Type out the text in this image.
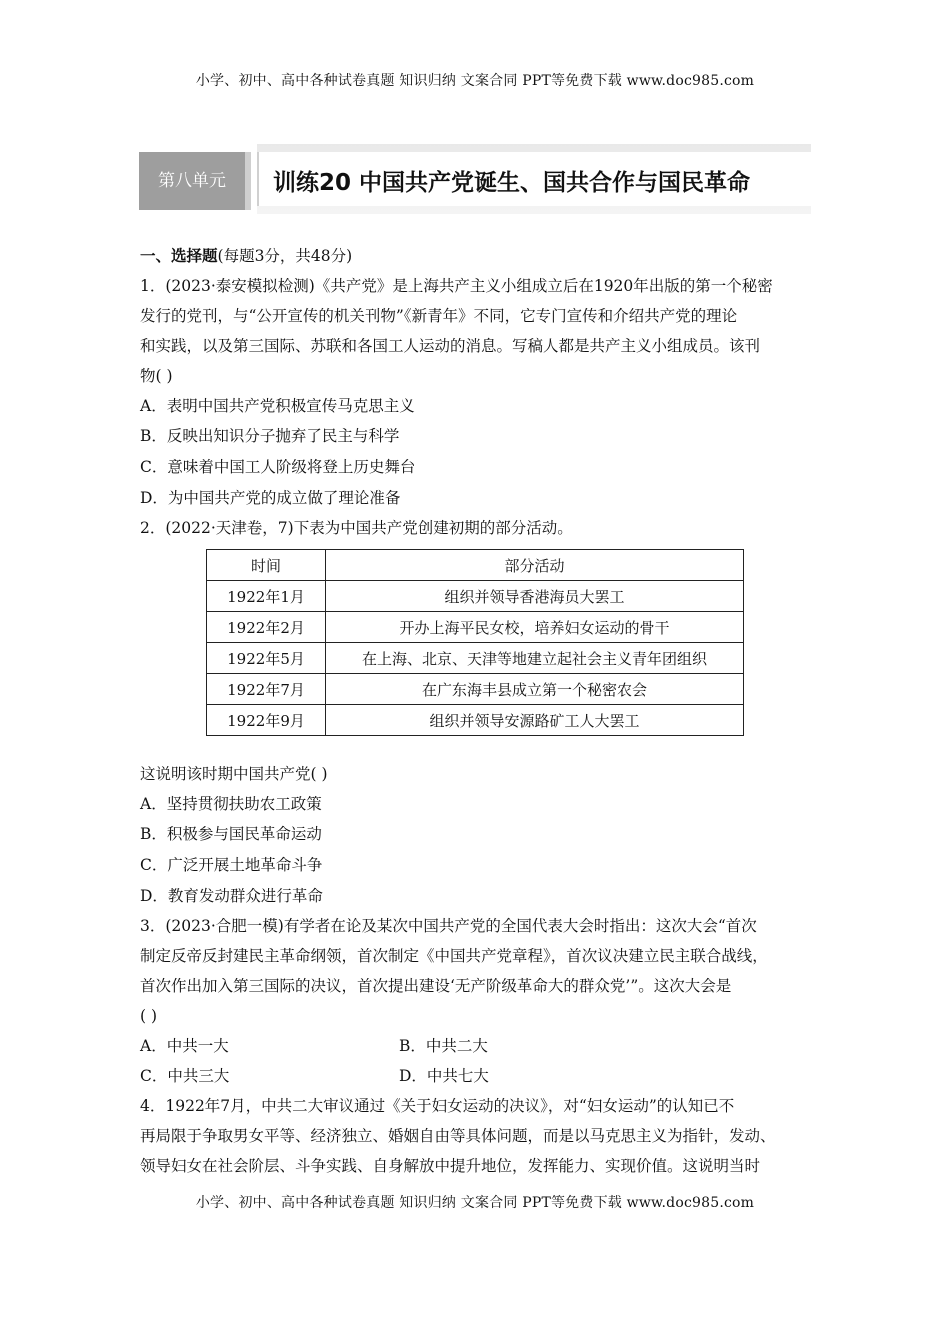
小学、初中、高中各种试卷真题 知识归纳 文案合同 PPT等免费下载 www.doc985.com
第八单元	训练20 中国共产党诞生、国共合作与国民革命
一、选择题(每题3分，共48分)
1．(2023·泰安模拟检测)《共产党》是上海共产主义小组成立后在1920年出版的第一个秘密
发行的党刊，与“公开宣传的机关刊物”《新青年》不同，它专门宣传和介绍共产党的理论
和实践，以及第三国际、苏联和各国工人运动的消息。写稿人都是共产主义小组成员。该刊
物( )
A．表明中国共产党积极宣传马克思主义
B．反映出知识分子抛弃了民主与科学
C．意味着中国工人阶级将登上历史舞台
D．为中国共产党的成立做了理论准备
2．(2022·天津卷，7)下表为中国共产党创建初期的部分活动。
时间	部分活动
1922年1月	组织并领导香港海员大罢工
1922年2月	开办上海平民女校，培养妇女运动的骨干
1922年5月	在上海、北京、天津等地建立起社会主义青年团组织
1922年7月	在广东海丰县成立第一个秘密农会
1922年9月	组织并领导安源路矿工人大罢工
这说明该时期中国共产党( )
A．坚持贯彻扶助农工政策
B．积极参与国民革命运动
C．广泛开展土地革命斗争
D．教育发动群众进行革命
3．(2023·合肥一模)有学者在论及某次中国共产党的全国代表大会时指出：这次大会“首次
制定反帝反封建民主革命纲领，首次制定《中国共产党章程》，首次议决建立民主联合战线，
首次作出加入第三国际的决议，首次提出建设‘无产阶级革命大的群众党’”。这次大会是
( )
A．中共一大	B．中共二大
C．中共三大	D．中共七大
4．1922年7月，中共二大审议通过《关于妇女运动的决议》，对“妇女运动”的认知已不
再局限于争取男女平等、经济独立、婚姻自由等具体问题，而是以马克思主义为指针，发动、
领导妇女在社会阶层、斗争实践、自身解放中提升地位，发挥能力、实现价值。这说明当时
小学、初中、高中各种试卷真题 知识归纳 文案合同 PPT等免费下载 www.doc985.com
